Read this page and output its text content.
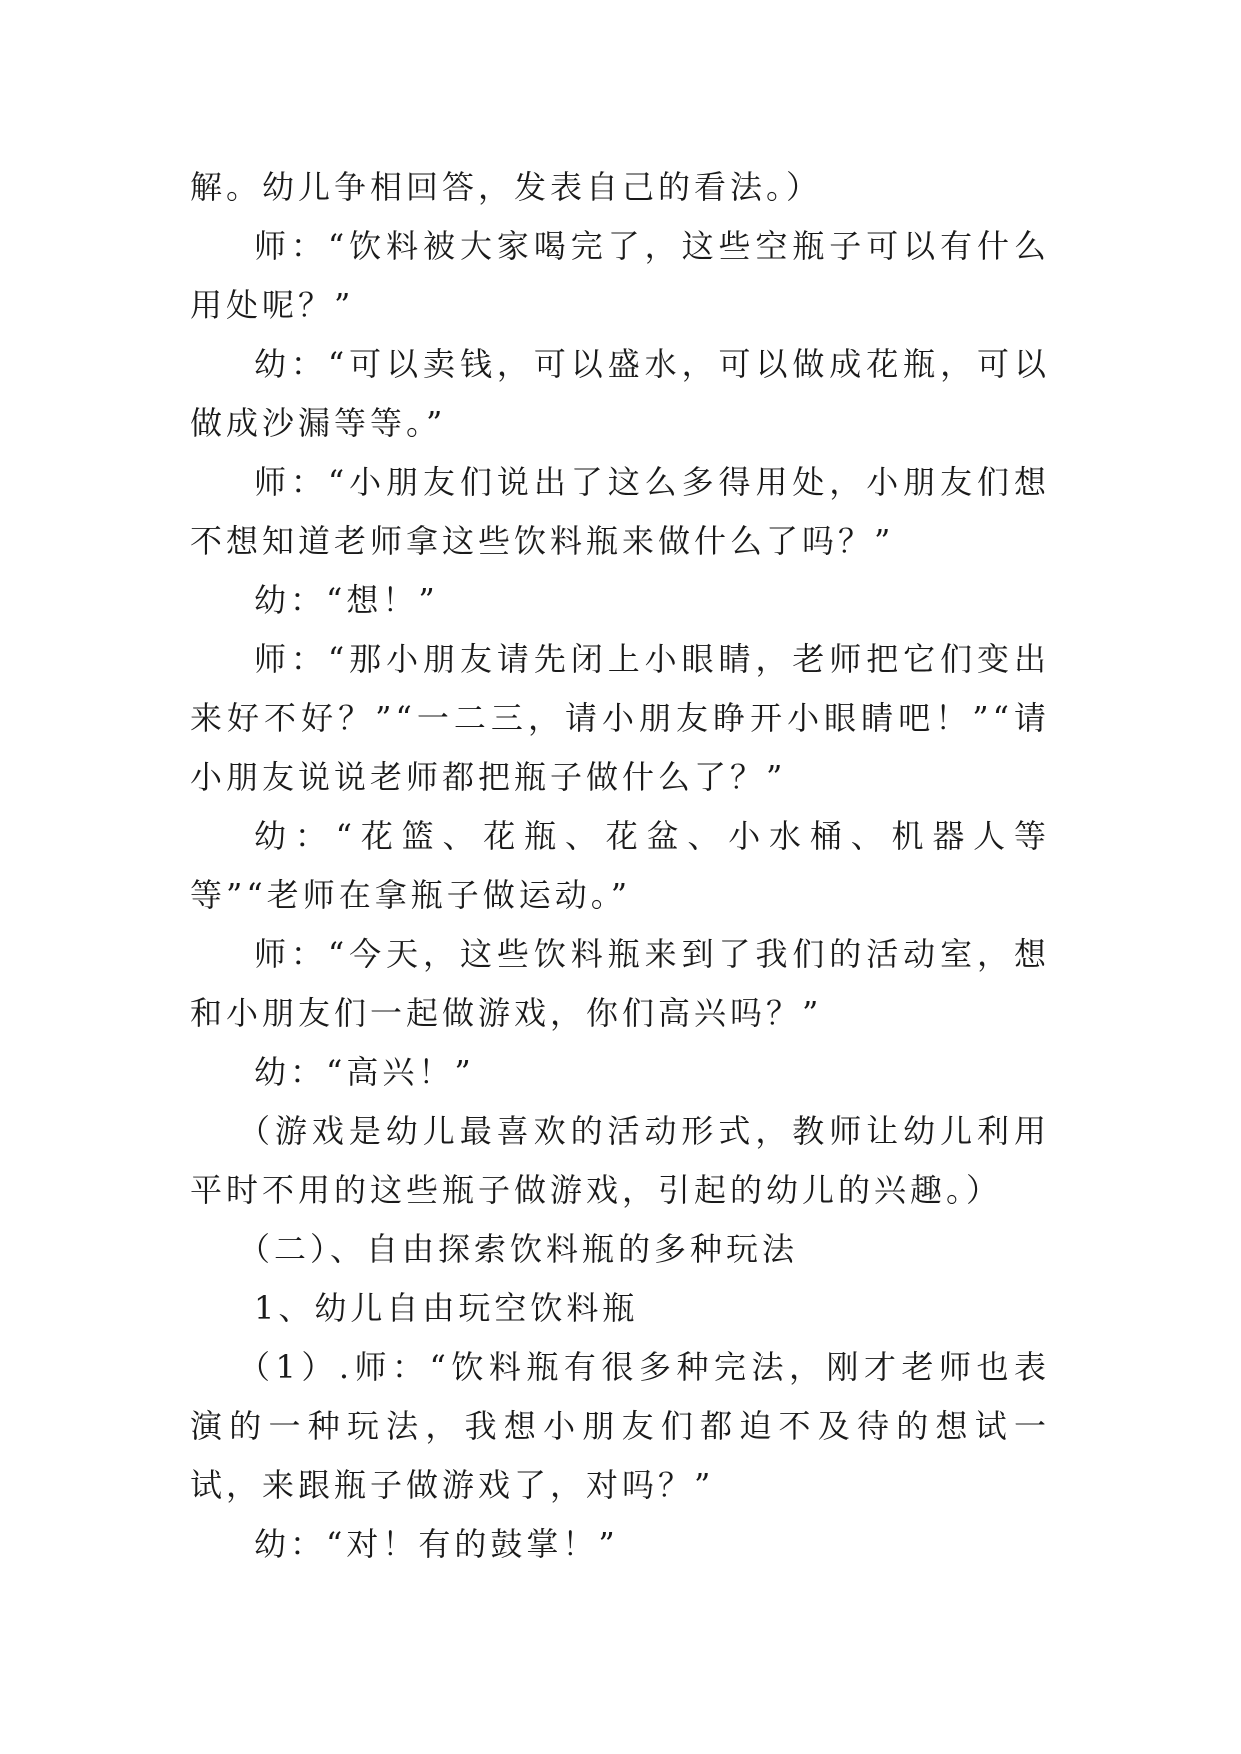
解。幼儿争相回答，发表自己的看法。）

师：“饮料被大家喝完了，这些空瓶子可以有什么用处呢？”

幼：“可以卖钱，可以盛水，可以做成花瓶，可以做成沙漏等等。”

师：“小朋友们说出了这么多得用处，小朋友们想不想知道老师拿这些饮料瓶来做什么了吗？”

幼：“想！”

师：“那小朋友请先闭上小眼睛，老师把它们变出来好不好？”“一二三，请小朋友睁开小眼睛吧！”“请小朋友说说老师都把瓶子做什么了？”

幼：“花篮、花瓶、花盆、小水桶、机器人等等”“老师在拿瓶子做运动。”

师：“今天，这些饮料瓶来到了我们的活动室，想和小朋友们一起做游戏，你们高兴吗？”

幼：“高兴！”

（游戏是幼儿最喜欢的活动形式，教师让幼儿利用平时不用的这些瓶子做游戏，引起的幼儿的兴趣。）

（二）、自由探索饮料瓶的多种玩法

1、幼儿自由玩空饮料瓶

（1）.师：“饮料瓶有很多种完法，刚才老师也表演的一种玩法，我想小朋友们都迫不及待的想试一试，来跟瓶子做游戏了，对吗？”

幼：“对！有的鼓掌！”
